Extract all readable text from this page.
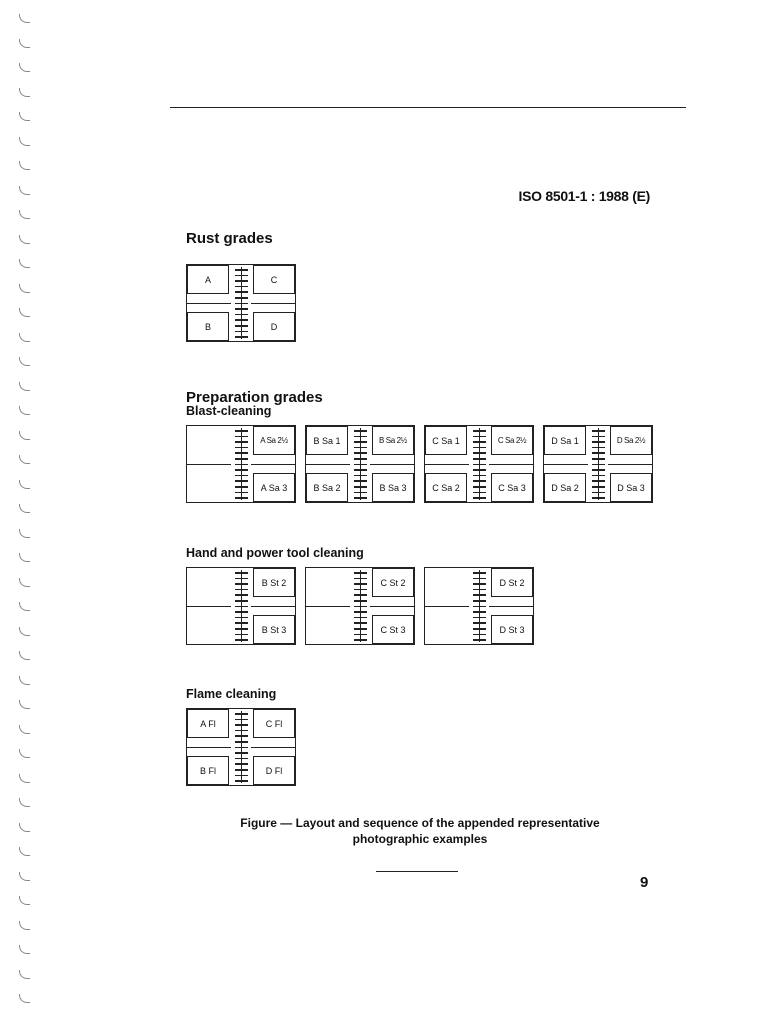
ISO 8501-1 : 1988 (E)
Rust grades
A
B
C
D
Preparation grades
Blast-cleaning
A Sa 2½
A Sa 3
B Sa 1
B Sa 2
B Sa 2½
B Sa 3
C Sa 1
C Sa 2
C Sa 2½
C Sa 3
D Sa 1
D Sa 2
D Sa 2½
D Sa 3
Hand and power tool cleaning
B St 2
B St 3
C St 2
C St 3
D St 2
D St 3
Flame cleaning
A Fl
B Fl
C Fl
D Fl
Figure — Layout and sequence of the appended representative
photographic examples
9
